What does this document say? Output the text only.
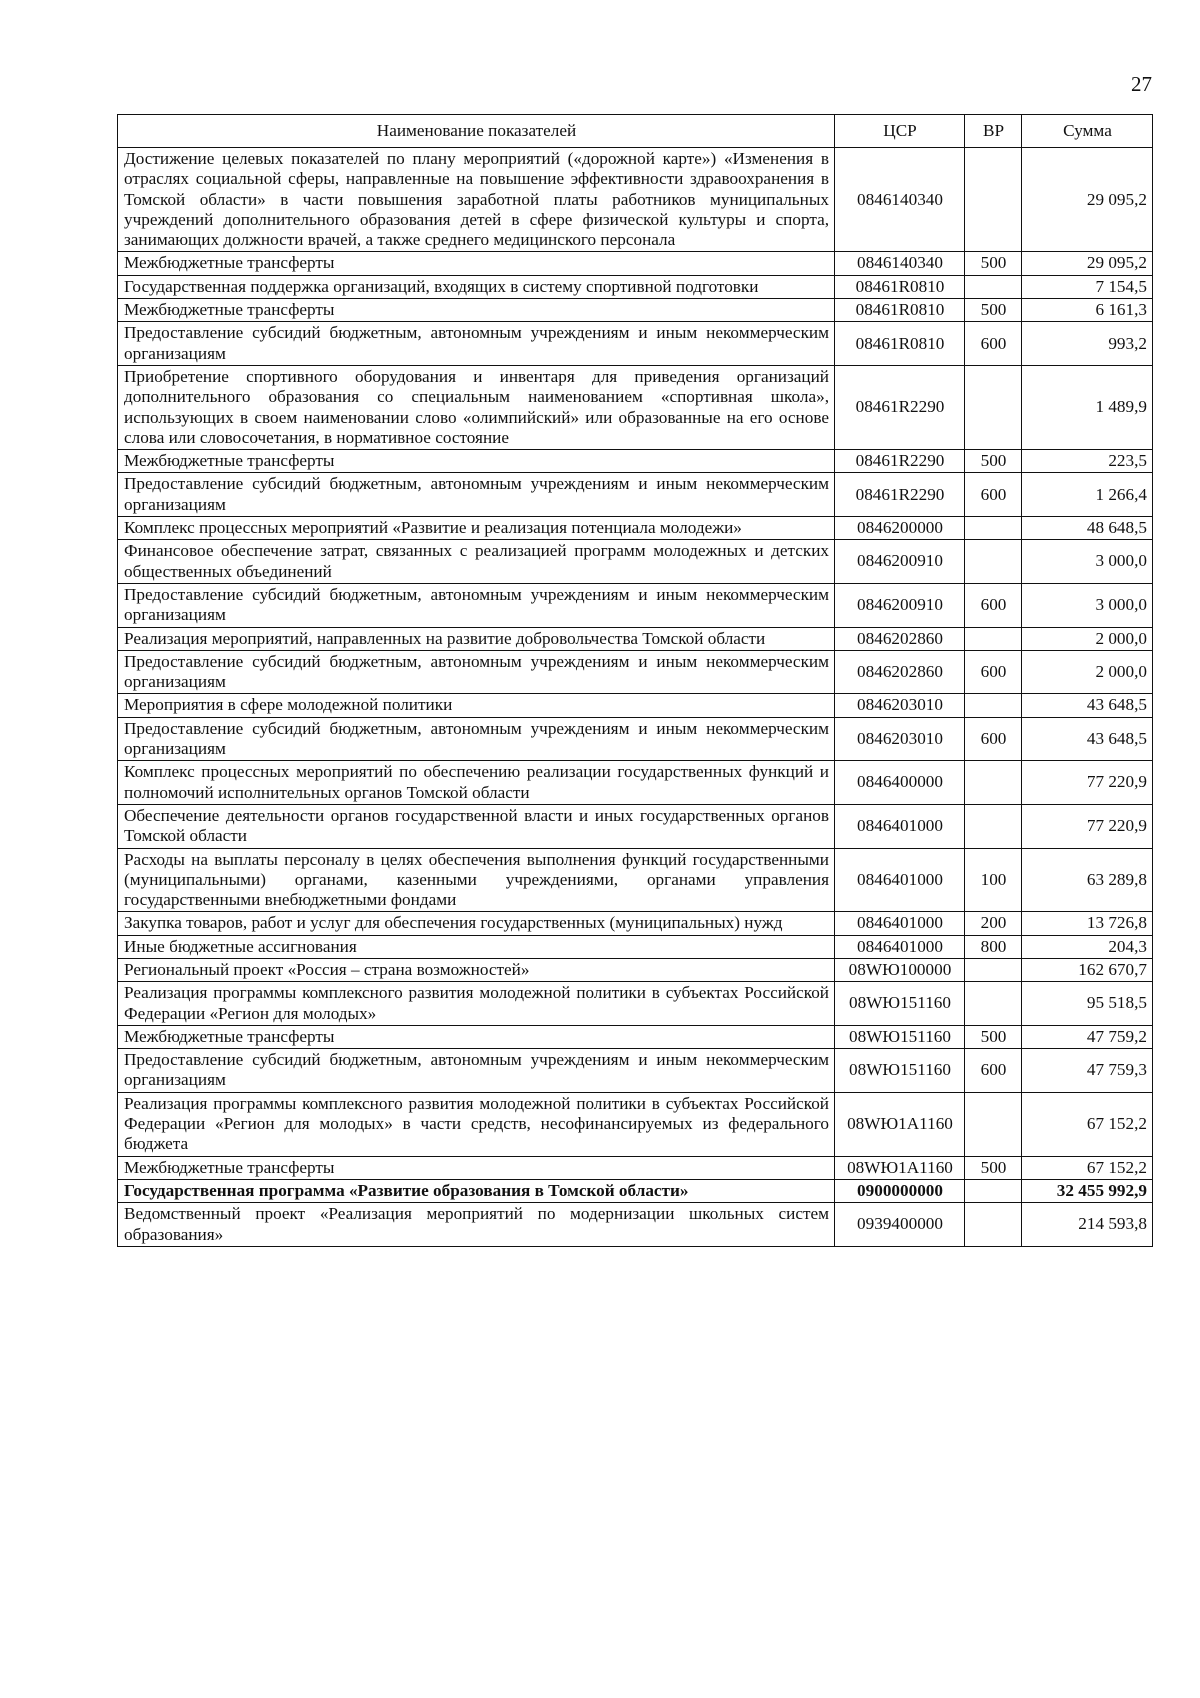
27
Наименование показателей	ЦСР	ВР	Сумма
Достижение целевых показателей по плану мероприятий («дорожной карте») «Изменения в отраслях социальной сферы, направленные на повышение эффективности здравоохранения в Томской области» в части повышения заработной платы работников муниципальных учреждений дополнительного образования детей в сфере физической культуры и спорта, занимающих должности врачей, а также среднего медицинского персонала	0846140340		29 095,2
Межбюджетные трансферты	0846140340	500	29 095,2
Государственная поддержка организаций, входящих в систему спортивной подготовки	08461R0810		7 154,5
Межбюджетные трансферты	08461R0810	500	6 161,3
Предоставление субсидий бюджетным, автономным учреждениям и иным некоммерческим организациям	08461R0810	600	993,2
Приобретение спортивного оборудования и инвентаря для приведения организаций дополнительного образования со специальным наименованием «спортивная школа», использующих в своем наименовании слово «олимпийский» или образованные на его основе слова или словосочетания, в нормативное состояние	08461R2290		1 489,9
Межбюджетные трансферты	08461R2290	500	223,5
Предоставление субсидий бюджетным, автономным учреждениям и иным некоммерческим организациям	08461R2290	600	1 266,4
Комплекс процессных мероприятий «Развитие и реализация потенциала молодежи»	0846200000		48 648,5
Финансовое обеспечение затрат, связанных с реализацией программ молодежных и детских общественных объединений	0846200910		3 000,0
Предоставление субсидий бюджетным, автономным учреждениям и иным некоммерческим организациям	0846200910	600	3 000,0
Реализация мероприятий, направленных на развитие добровольчества Томской области	0846202860		2 000,0
Предоставление субсидий бюджетным, автономным учреждениям и иным некоммерческим организациям	0846202860	600	2 000,0
Мероприятия в сфере молодежной политики	0846203010		43 648,5
Предоставление субсидий бюджетным, автономным учреждениям и иным некоммерческим организациям	0846203010	600	43 648,5
Комплекс процессных мероприятий по обеспечению реализации государственных функций и полномочий исполнительных органов Томской области	0846400000		77 220,9
Обеспечение деятельности органов государственной власти и иных государственных органов Томской области	0846401000		77 220,9
Расходы на выплаты персоналу в целях обеспечения выполнения функций государственными (муниципальными) органами, казенными учреждениями, органами управления государственными внебюджетными фондами	0846401000	100	63 289,8
Закупка товаров, работ и услуг для обеспечения государственных (муниципальных) нужд	0846401000	200	13 726,8
Иные бюджетные ассигнования	0846401000	800	204,3
Региональный проект «Россия – страна возможностей»	08WЮ100000		162 670,7
Реализация программы комплексного развития молодежной политики в субъектах Российской Федерации «Регион для молодых»	08WЮ151160		95 518,5
Межбюджетные трансферты	08WЮ151160	500	47 759,2
Предоставление субсидий бюджетным, автономным учреждениям и иным некоммерческим организациям	08WЮ151160	600	47 759,3
Реализация программы комплексного развития молодежной политики в субъектах Российской Федерации «Регион для молодых» в части средств, несофинансируемых из федерального бюджета	08WЮ1A1160		67 152,2
Межбюджетные трансферты	08WЮ1A1160	500	67 152,2
Государственная программа «Развитие образования в Томской области»	0900000000		32 455 992,9
Ведомственный проект «Реализация мероприятий по модернизации школьных систем образования»	0939400000		214 593,8
